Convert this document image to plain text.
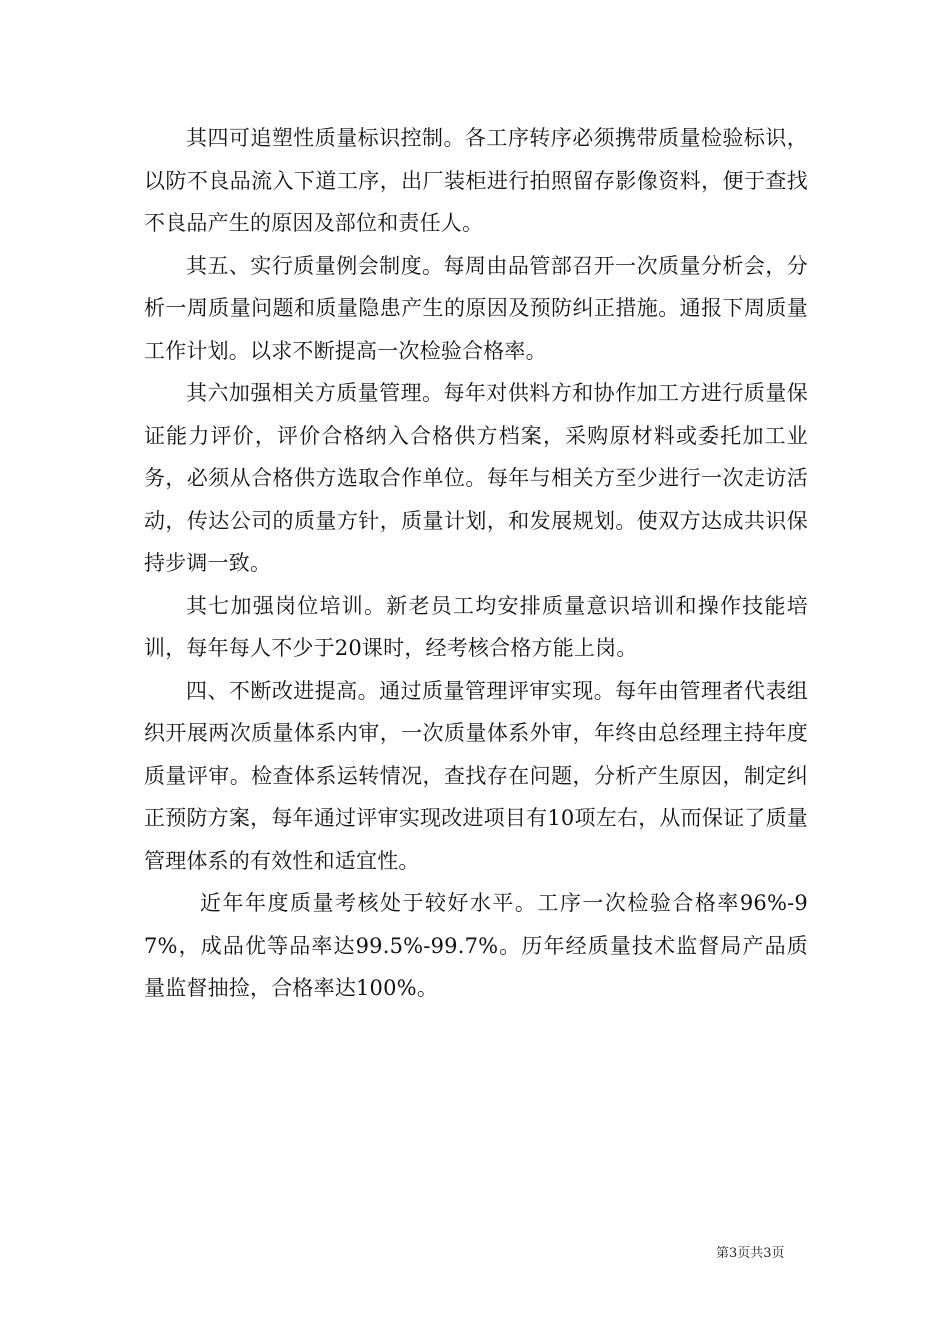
其四可追塑性质量标识控制。各工序转序必须携带质量检验标识，以防不良品流入下道工序，出厂装柜进行拍照留存影像资料，便于查找不良品产生的原因及部位和责任人。

其五、实行质量例会制度。每周由品管部召开一次质量分析会，分析一周质量问题和质量隐患产生的原因及预防纠正措施。通报下周质量工作计划。以求不断提高一次检验合格率。

其六加强相关方质量管理。每年对供料方和协作加工方进行质量保证能力评价，评价合格纳入合格供方档案，采购原材料或委托加工业务，必须从合格供方选取合作单位。每年与相关方至少进行一次走访活动，传达公司的质量方针，质量计划，和发展规划。使双方达成共识保持步调一致。

其七加强岗位培训。新老员工均安排质量意识培训和操作技能培训，每年每人不少于20课时，经考核合格方能上岗。

四、不断改进提高。通过质量管理评审实现。每年由管理者代表组织开展两次质量体系内审，一次质量体系外审，年终由总经理主持年度质量评审。检查体系运转情况，查找存在问题，分析产生原因，制定纠正预防方案，每年通过评审实现改进项目有10项左右，从而保证了质量管理体系的有效性和适宜性。

近年年度质量考核处于较好水平。工序一次检验合格率96%-97%，成品优等品率达99.5%-99.7%。历年经质量技术监督局产品质量监督抽捡，合格率达100%。

第3页共3页
